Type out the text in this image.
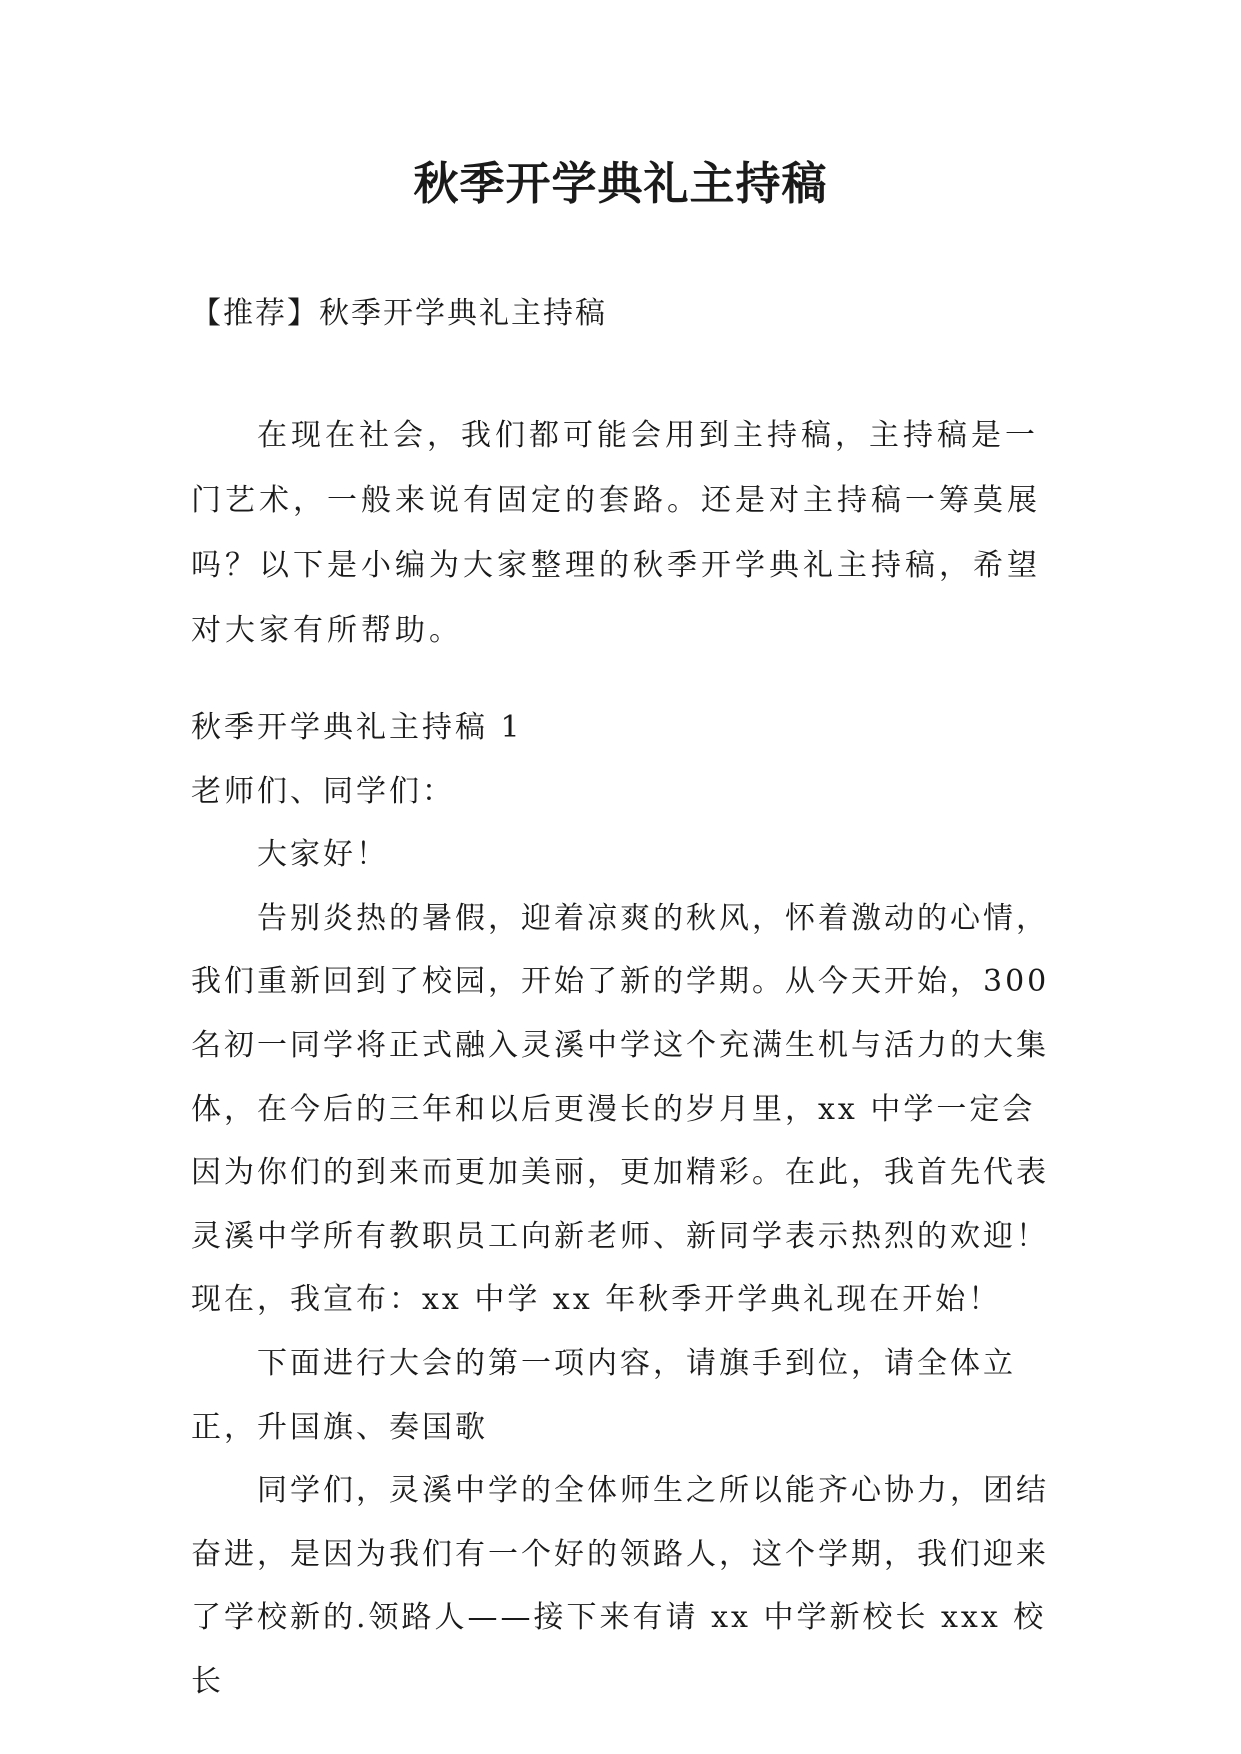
秋季开学典礼主持稿

【推荐】秋季开学典礼主持稿

在现在社会，我们都可能会用到主持稿，主持稿是一门艺术，一般来说有固定的套路。还是对主持稿一筹莫展吗？以下是小编为大家整理的秋季开学典礼主持稿，希望对大家有所帮助。

秋季开学典礼主持稿 1

老师们、同学们：

大家好！

告别炎热的暑假，迎着凉爽的秋风，怀着激动的心情，我们重新回到了校园，开始了新的学期。从今天开始，300 名初一同学将正式融入灵溪中学这个充满生机与活力的大集体，在今后的三年和以后更漫长的岁月里，xx 中学一定会因为你们的到来而更加美丽，更加精彩。在此，我首先代表灵溪中学所有教职员工向新老师、新同学表示热烈的欢迎！现在，我宣布：xx 中学 xx 年秋季开学典礼现在开始！

下面进行大会的第一项内容，请旗手到位，请全体立正，升国旗、奏国歌

同学们，灵溪中学的全体师生之所以能齐心协力，团结奋进，是因为我们有一个好的领路人，这个学期，我们迎来了学校新的.领路人——接下来有请 xx 中学新校长 xxx 校长
